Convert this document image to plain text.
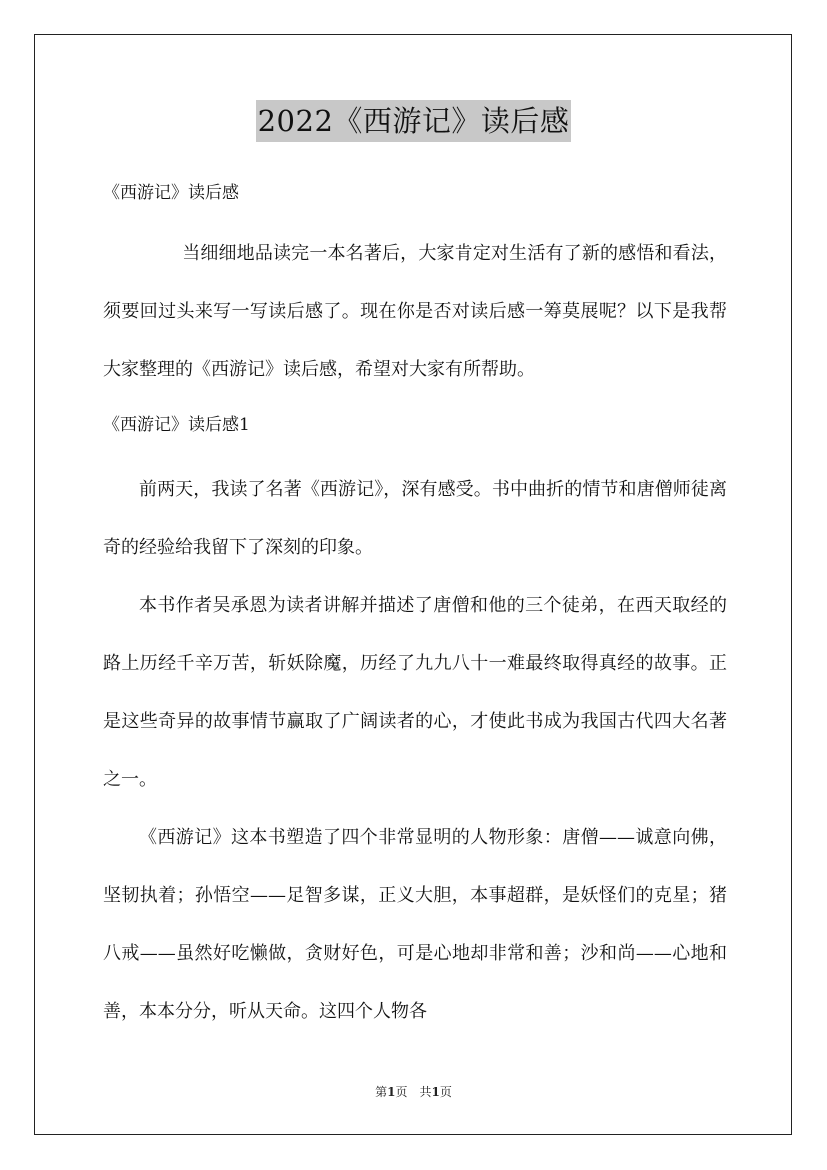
2022《西游记》读后感

《西游记》读后感

当细细地品读完一本名著后，大家肯定对生活有了新的感悟和看法，须要回过头来写一写读后感了。现在你是否对读后感一筹莫展呢？以下是我帮大家整理的《西游记》读后感，希望对大家有所帮助。

《西游记》读后感1

前两天，我读了名著《西游记》，深有感受。书中曲折的情节和唐僧师徒离奇的经验给我留下了深刻的印象。

本书作者吴承恩为读者讲解并描述了唐僧和他的三个徒弟，在西天取经的路上历经千辛万苦，斩妖除魔，历经了九九八十一难最终取得真经的故事。正是这些奇异的故事情节赢取了广阔读者的心，才使此书成为我国古代四大名著之一。

《西游记》这本书塑造了四个非常显明的人物形象：唐僧——诚意向佛，坚韧执着；孙悟空——足智多谋，正义大胆，本事超群，是妖怪们的克星；猪八戒——虽然好吃懒做，贪财好色，可是心地却非常和善；沙和尚——心地和善，本本分分，听从天命。这四个人物各

第1页　共1页
